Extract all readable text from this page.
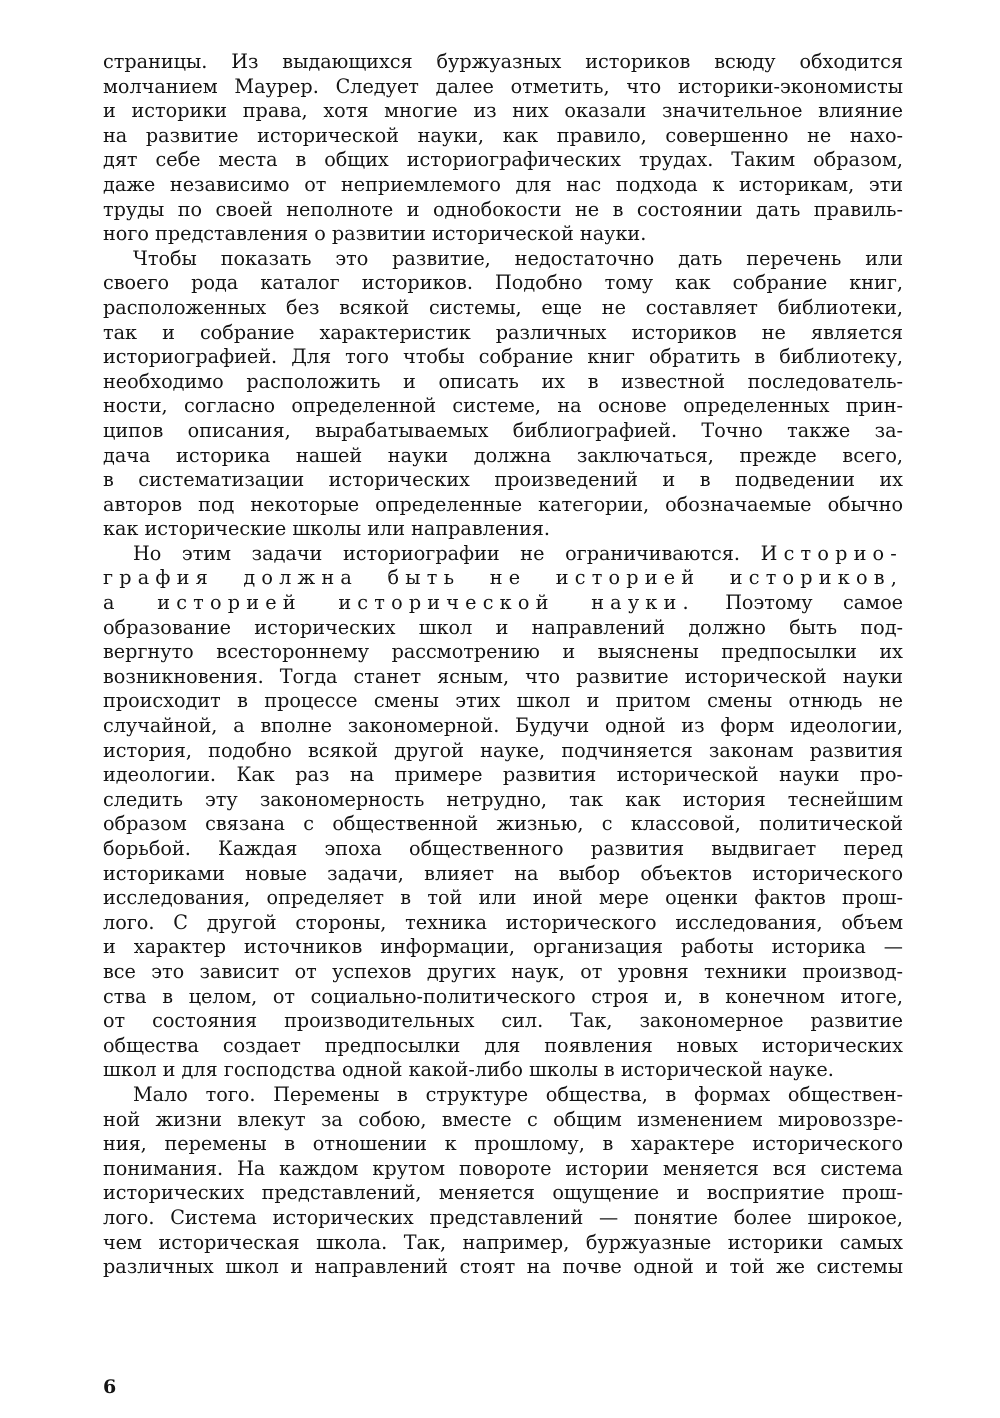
страницы. Из выдающихся буржуазных историков всюду обходится
молчанием Маурер. Следует далее отметить, что историки-экономисты
и историки права, хотя многие из них оказали значительное влияние
на развитие исторической науки, как правило, совершенно не нахо-
дят себе места в общих историографических трудах. Таким образом,
даже независимо от неприемлемого для нас подхода к историкам, эти
труды по своей неполноте и однобокости не в состоянии дать правиль-
ного представления о развитии исторической науки.
Чтобы показать это развитие, недостаточно дать перечень или
своего рода каталог историков. Подобно тому как собрание книг,
расположенных без всякой системы, еще не составляет библиотеки,
так и собрание характеристик различных историков не является
историографией. Для того чтобы собрание книг обратить в библиотеку,
необходимо расположить и описать их в известной последователь-
ности, согласно определенной системе, на основе определенных прин-
ципов описания, вырабатываемых библиографией. Точно также за-
дача историка нашей науки должна заключаться, прежде всего,
в систематизации исторических произведений и в подведении их
авторов под некоторые определенные категории, обозначаемые обычно
как исторические школы или направления.
Но этим задачи историографии не ограничиваются. Историо-
графия должна быть не историей историков,
а историей исторической науки. Поэтому самое
образование исторических школ и направлений должно быть под-
вергнуто всестороннему рассмотрению и выяснены предпосылки их
возникновения. Тогда станет ясным, что развитие исторической науки
происходит в процессе смены этих школ и притом смены отнюдь не
случайной, а вполне закономерной. Будучи одной из форм идеологии,
история, подобно всякой другой науке, подчиняется законам развития
идеологии. Как раз на примере развития исторической науки про-
следить эту закономерность нетрудно, так как история теснейшим
образом связана с общественной жизнью, с классовой, политической
борьбой. Каждая эпоха общественного развития выдвигает перед
историками новые задачи, влияет на выбор объектов исторического
исследования, определяет в той или иной мере оценки фактов прош-
лого. С другой стороны, техника исторического исследования, объем
и характер источников информации, организация работы историка —
все это зависит от успехов других наук, от уровня техники производ-
ства в целом, от социально-политического строя и, в конечном итоге,
от состояния производительных сил. Так, закономерное развитие
общества создает предпосылки для появления новых исторических
школ и для господства одной какой-либо школы в исторической науке.
Мало того. Перемены в структуре общества, в формах обществен-
ной жизни влекут за собою, вместе с общим изменением мировоззре-
ния, перемены в отношении к прошлому, в характере исторического
понимания. На каждом крутом повороте истории меняется вся система
исторических представлений, меняется ощущение и восприятие прош-
лого. Система исторических представлений — понятие более широкое,
чем историческая школа. Так, например, буржуазные историки самых
различных школ и направлений стоят на почве одной и той же системы
6
